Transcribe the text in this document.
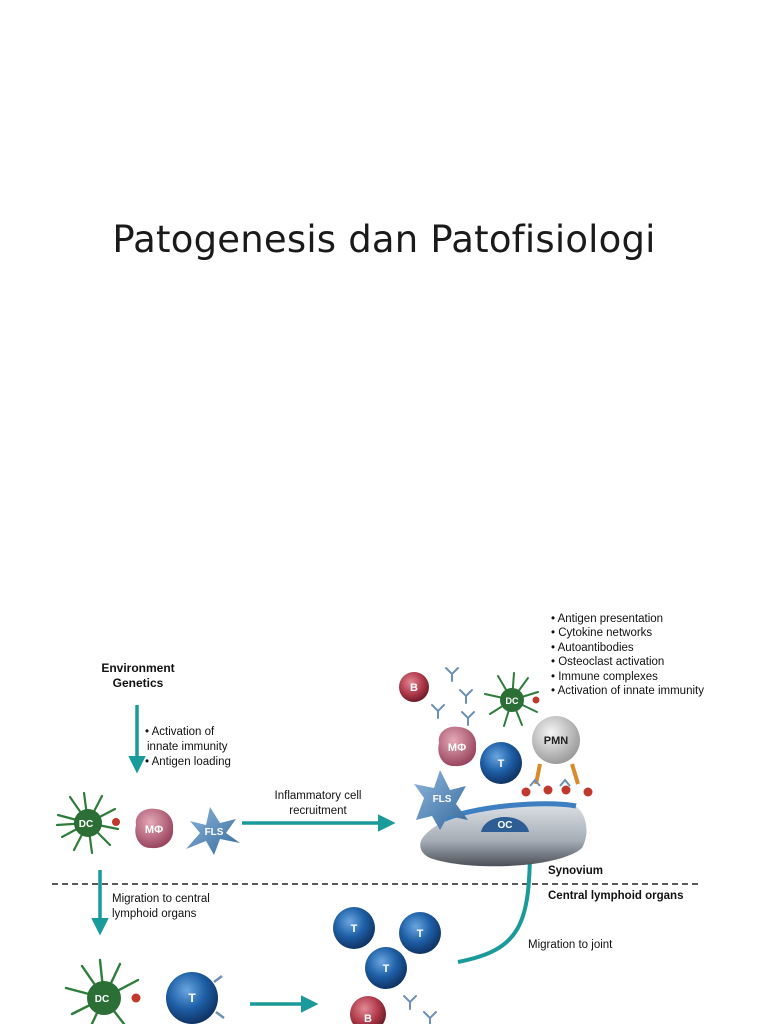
Patogenesis dan Patofisiologi
Environment
Genetics
• Activation of
innate immunity
• Antigen loading
Inflammatory cell
recruitment
Migration to central
lymphoid organs
Migration to joint
Synovium
Central lymphoid organs
• Antigen presentation
• Cytokine networks
• Autoantibodies
• Osteoclast activation
• Immune complexes
• Activation of innate immunity
DC	MΦ	FLS
OC
FLS
B
DC
MΦ
T
PMN
DC	T
T	T
T
B
